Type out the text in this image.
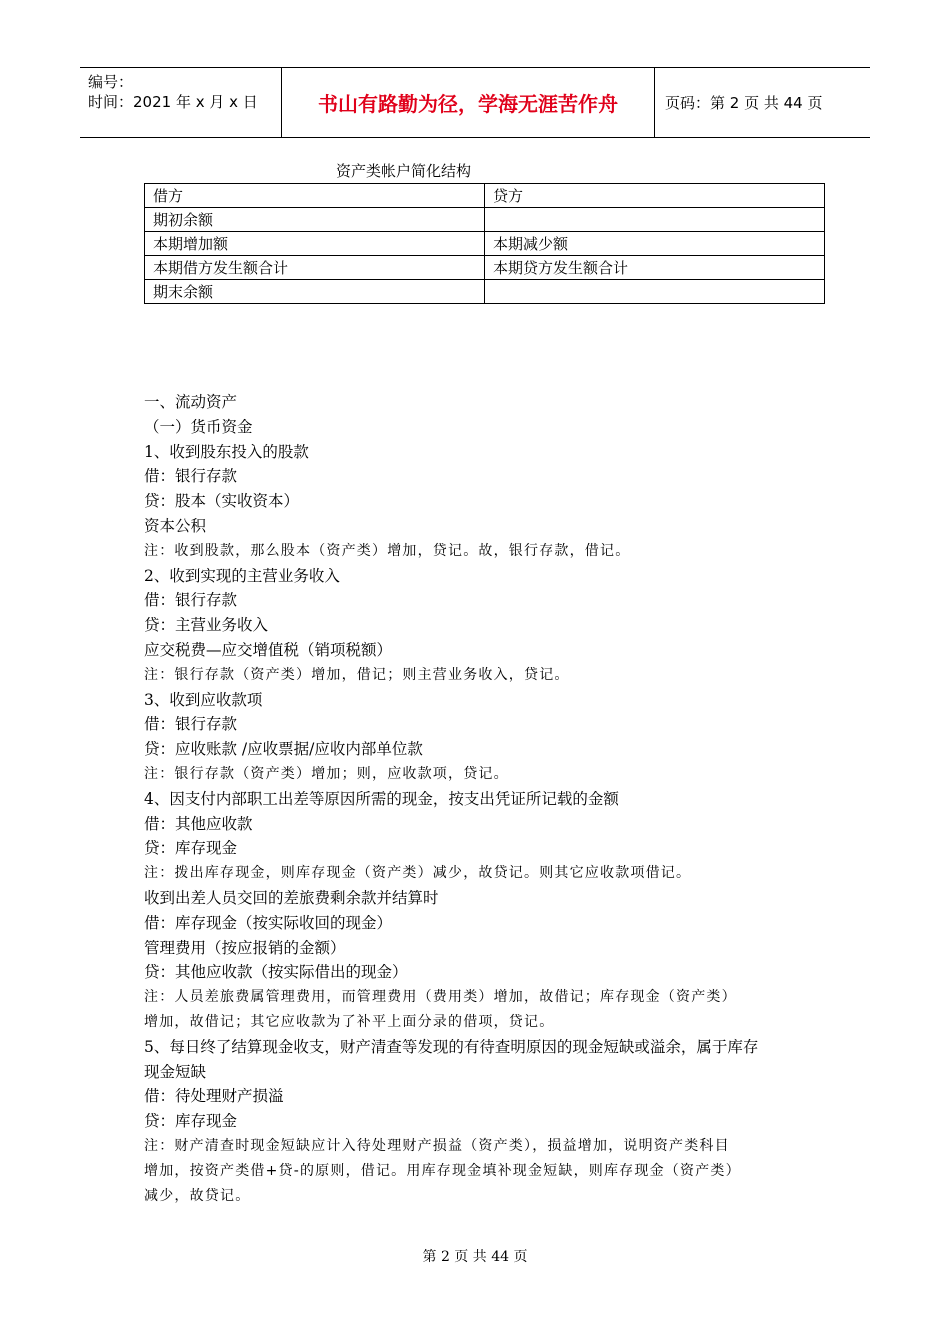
编号：
时间：2021 年 x 月 x 日	书山有路勤为径，学海无涯苦作舟	页码：第 2 页 共 44 页
资产类帐户简化结构
借方	贷方
期初余额	
本期增加额	本期减少额
本期借方发生额合计	本期贷方发生额合计
期末余额	
一、流动资产
（一）货币资金
1、收到股东投入的股款
借：银行存款
贷：股本（实收资本）
资本公积
注：收到股款，那么股本（资产类）增加，贷记。故，银行存款，借记。
2、收到实现的主营业务收入
借：银行存款
贷：主营业务收入
应交税费—应交增值税（销项税额）
注：银行存款（资产类）增加，借记；则主营业务收入，贷记。
3、收到应收款项
借：银行存款
贷：应收账款 /应收票据/应收内部单位款
注：银行存款（资产类）增加；则，应收款项，贷记。
4、因支付内部职工出差等原因所需的现金，按支出凭证所记载的金额
借：其他应收款
贷：库存现金
注：拨出库存现金，则库存现金（资产类）减少，故贷记。则其它应收款项借记。
收到出差人员交回的差旅费剩余款并结算时
借：库存现金（按实际收回的现金）
管理费用（按应报销的金额）
贷：其他应收款（按实际借出的现金）
注：人员差旅费属管理费用，而管理费用（费用类）增加，故借记；库存现金（资产类）
增加，故借记；其它应收款为了补平上面分录的借项，贷记。
5、每日终了结算现金收支，财产清查等发现的有待查明原因的现金短缺或溢余，属于库存
现金短缺
借：待处理财产损溢
贷：库存现金
注：财产清查时现金短缺应计入待处理财产损益（资产类），损益增加，说明资产类科目
增加，按资产类借+贷-的原则，借记。用库存现金填补现金短缺，则库存现金（资产类）
减少，故贷记。
第 2 页 共 44 页
